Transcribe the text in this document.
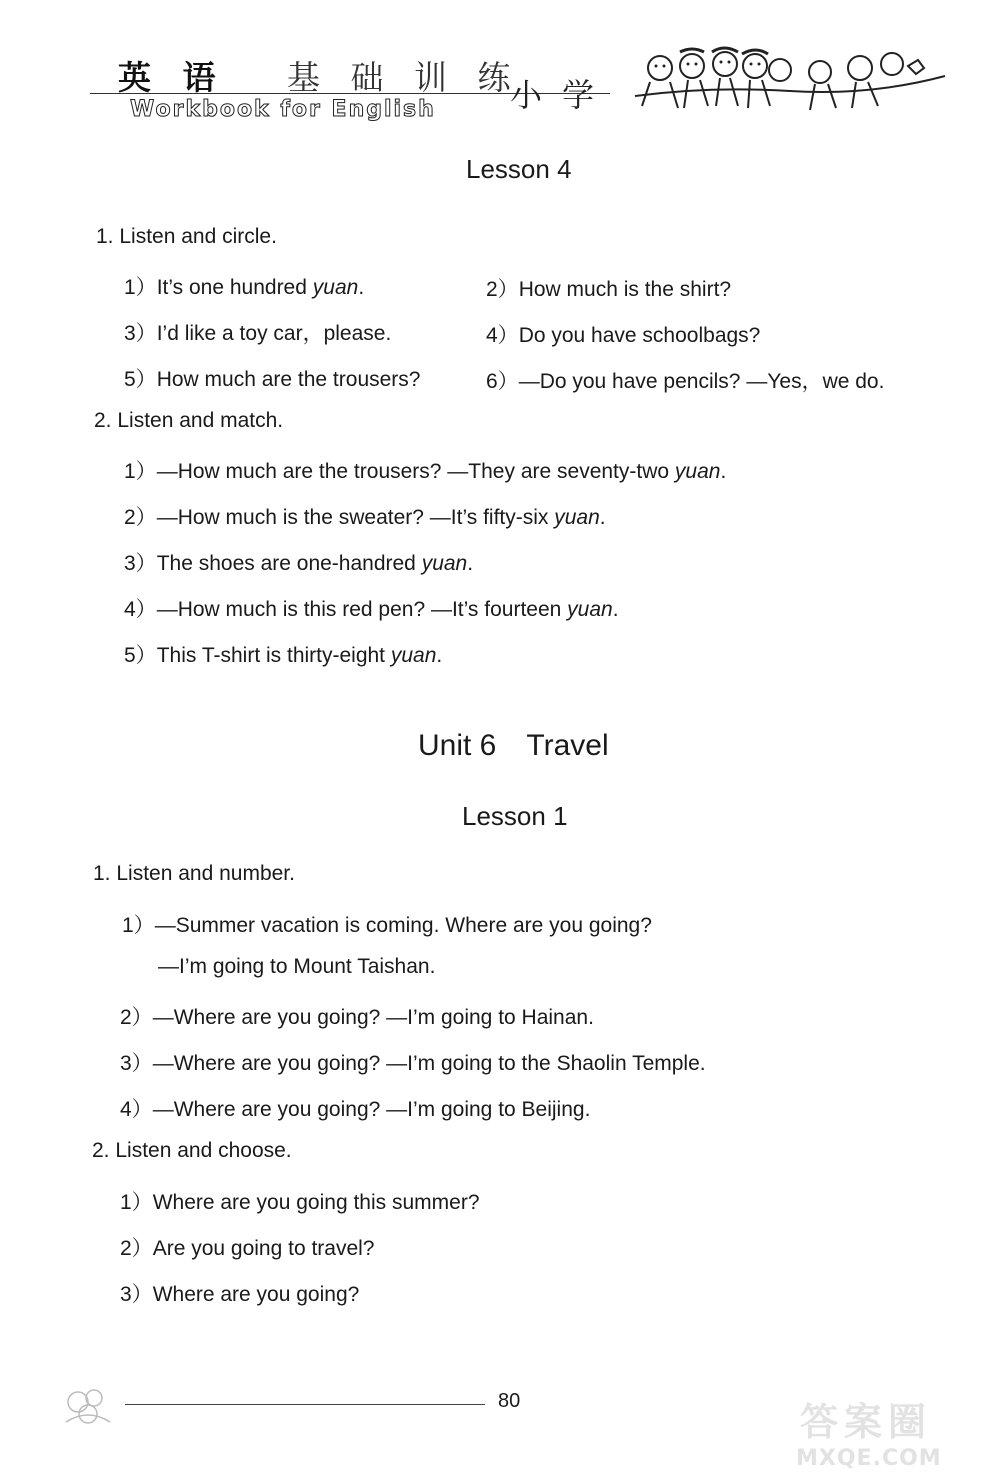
英 语 基 础 训 练
Workbook for English 小学
Lesson 4
1. Listen and circle.
1）It’s one hundred yuan.	2）How much is the shirt?
3）I’d like a toy car，please.	4）Do you have schoolbags?
5）How much are the trousers?	6）—Do you have pencils? —Yes，we do.
2. Listen and match.
1）—How much are the trousers? —They are seventy-two yuan.
2）—How much is the sweater? —It’s fifty-six yuan.
3）The shoes are one-handred yuan.
4）—How much is this red pen? —It’s fourteen yuan.
5）This T-shirt is thirty-eight yuan.
Unit 6　Travel
Lesson 1
1. Listen and number.
1）—Summer vacation is coming. Where are you going?
—I’m going to Mount Taishan.
2）—Where are you going? —I’m going to Hainan.
3）—Where are you going? —I’m going to the Shaolin Temple.
4）—Where are you going? —I’m going to Beijing.
2. Listen and choose.
1）Where are you going this summer?
2）Are you going to travel?
3）Where are you going?
80	答案圈
MXQE.COM
